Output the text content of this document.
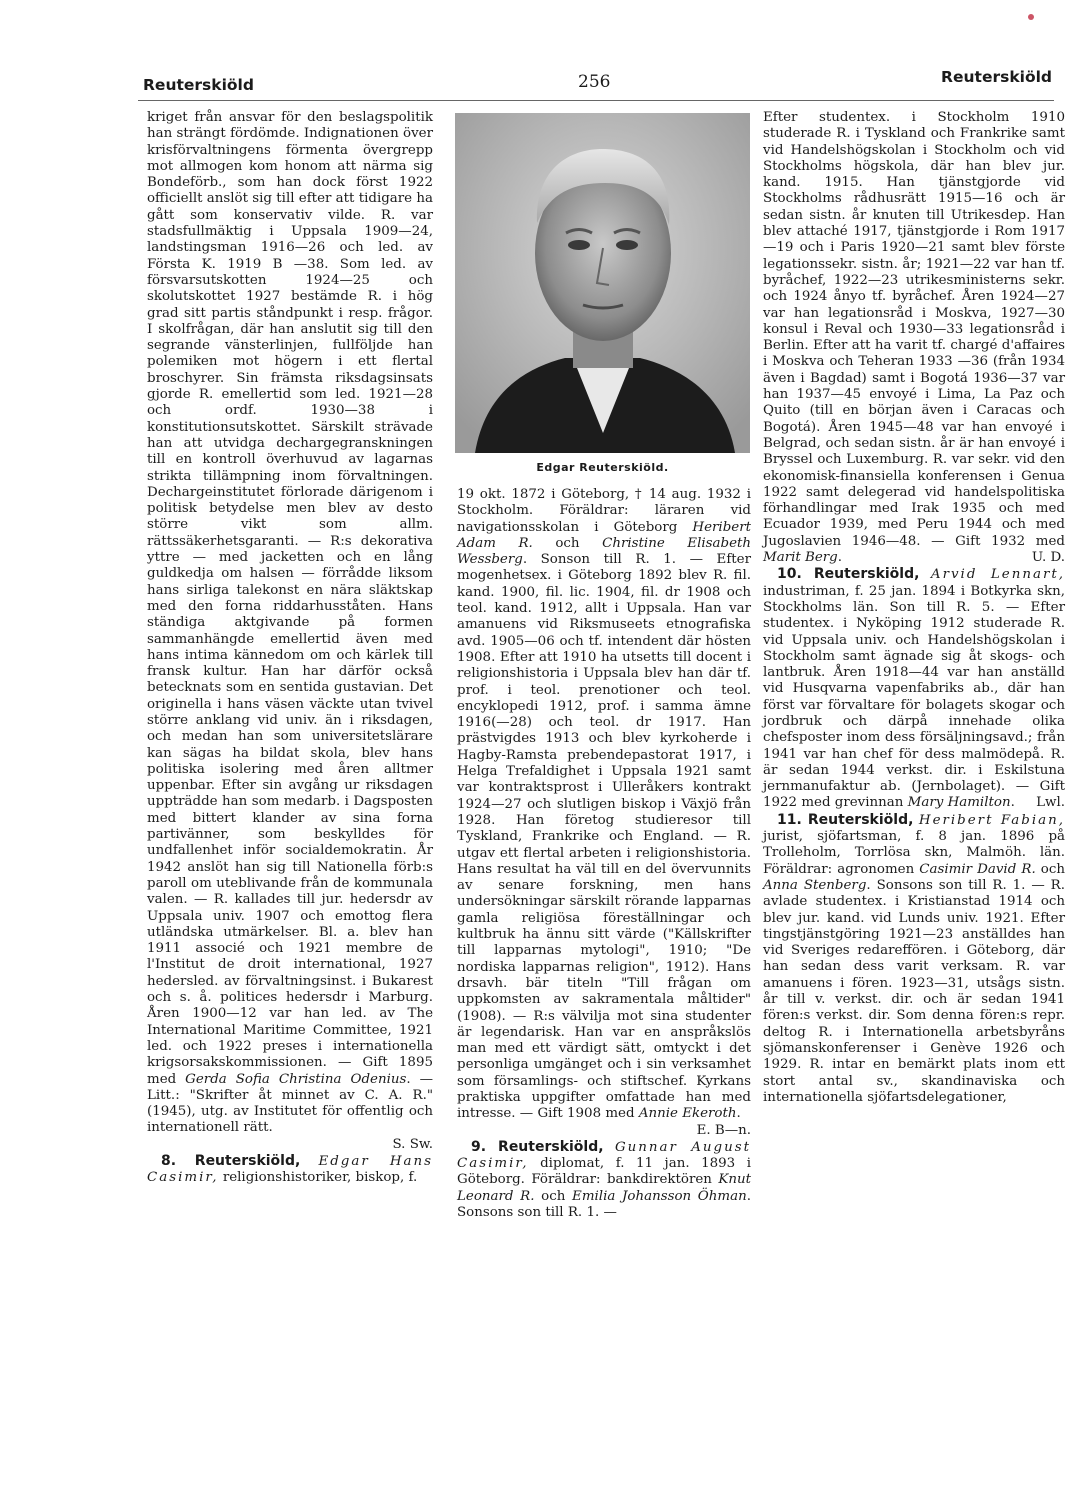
Reuterskiöld	256	Reuterskiöld

kriget från ansvar för den beslagspolitik han strängt fördömde. Indignationen över krisförvaltningens förmenta övergrepp mot allmogen kom honom att närma sig Bondeförb., som han dock först 1922 officiellt anslöt sig till efter att tidigare ha gått som konservativ vilde. R. var stadsfullmäktig i Uppsala 1909—24, landstingsman 1916—26 och led. av Första K. 1919 B —38. Som led. av försvarsutskotten 1924—25 och skolutskottet 1927 bestämde R. i hög grad sitt partis ståndpunkt i resp. frågor. I skolfrågan, där han anslutit sig till den segrande vänsterlinjen, fullföljde han polemiken mot högern i ett flertal broschyrer. Sin främsta riksdagsinsats gjorde R. emellertid som led. 1921—28 och ordf. 1930—38 i konstitutionsutskottet. Särskilt strävade han att utvidga dechargegranskningen till en kontroll överhuvud av lagarnas strikta tillämpning inom förvaltningen. Dechargeinstitutet förlorade därigenom i politisk betydelse men blev av desto större vikt som allm. rättssäkerhetsgaranti. — R:s dekorativa yttre — med jacketten och en lång guldkedja om halsen — förrådde liksom hans sirliga talekonst en nära släktskap med den forna riddarhusståten. Hans ständiga aktgivande på formen sammanhängde emellertid även med hans intima kännedom om och kärlek till fransk kultur. Han har därför också betecknats som en sentida gustavian. Det originella i hans väsen väckte utan tvivel större anklang vid univ. än i riksdagen, och medan han som universitetslärare kan sägas ha bildat skola, blev hans politiska isolering med åren alltmer uppenbar. Efter sin avgång ur riksdagen uppträdde han som medarb. i Dagsposten med bittert klander av sina forna partivänner, som beskylldes för undfallenhet inför socialdemokratin. År 1942 anslöt han sig till Nationella förb:s paroll om uteblivande från de kommunala valen. — R. kallades till jur. hedersdr av Uppsala univ. 1907 och emottog flera utländska utmärkelser. Bl. a. blev han 1911 associé och 1921 membre de l'Institut de droit international, 1927 hedersled. av förvaltningsinst. i Bukarest och s. å. politices hedersdr i Marburg. Åren 1900—12 var han led. av The International Maritime Committee, 1921 led. och 1922 preses i internationella krigsorsakskommissionen. — Gift 1895 med Gerda Sofia Christina Odenius. — Litt.: "Skrifter åt minnet av C. A. R." (1945), utg. av Institutet för offentlig och internationell rätt.
S. Sw.

8. Reuterskiöld, Edgar Hans Casimir, religionshistoriker, biskop, f.

Edgar Reuterskiöld.

19 okt. 1872 i Göteborg, † 14 aug. 1932 i Stockholm. Föräldrar: läraren vid navigationsskolan i Göteborg Heribert Adam R. och Christine Elisabeth Wessberg. Sonson till R. 1. — Efter mogenhetsex. i Göteborg 1892 blev R. fil. kand. 1900, fil. lic. 1904, fil. dr 1908 och teol. kand. 1912, allt i Uppsala. Han var amanuens vid Riksmuseets etnografiska avd. 1905—06 och tf. intendent där hösten 1908. Efter att 1910 ha utsetts till docent i religionshistoria i Uppsala blev han där tf. prof. i teol. prenotioner och teol. encyklopedi 1912, prof. i samma ämne 1916(—28) och teol. dr 1917. Han prästvigdes 1913 och blev kyrkoherde i Hagby-Ramsta prebendepastorat 1917, i Helga Trefaldighet i Uppsala 1921 samt var kontraktsprost i Ulleråkers kontrakt 1924—27 och slutligen biskop i Växjö från 1928. Han företog studieresor till Tyskland, Frankrike och England. — R. utgav ett flertal arbeten i religionshistoria. Hans resultat ha väl till en del övervunnits av senare forskning, men hans undersökningar särskilt rörande lapparnas gamla religiösa föreställningar och kultbruk ha ännu sitt värde ("Källskrifter till lapparnas mytologi", 1910; "De nordiska lapparnas religion", 1912). Hans drsavh. bär titeln "Till frågan om uppkomsten av sakramentala måltider" (1908). — R:s välvilja mot sina studenter är legendarisk. Han var en anspråkslös man med ett värdigt sätt, omtyckt i det personliga umgänget och i sin verksamhet som församlings- och stiftschef. Kyrkans praktiska uppgifter omfattade han med intresse. — Gift 1908 med Annie Ekeroth.
E. B—n.

9. Reuterskiöld, Gunnar August Casimir, diplomat, f. 11 jan. 1893 i Göteborg. Föräldrar: bankdirektören Knut Leonard R. och Emilia Johansson Öhman. Sonsons son till R. 1. —

Efter studentex. i Stockholm 1910 studerade R. i Tyskland och Frankrike samt vid Handelshögskolan i Stockholm och vid Stockholms högskola, där han blev jur. kand. 1915. Han tjänstgjorde vid Stockholms rådhusrätt 1915—16 och är sedan sistn. år knuten till Utrikesdep. Han blev attaché 1917, tjänstgjorde i Rom 1917 —19 och i Paris 1920—21 samt blev förste legationssekr. sistn. år; 1921—22 var han tf. byråchef, 1922—23 utrikesministerns sekr. och 1924 ånyo tf. byråchef. Åren 1924—27 var han legationsråd i Moskva, 1927—30 konsul i Reval och 1930—33 legationsråd i Berlin. Efter att ha varit tf. chargé d'affaires i Moskva och Teheran 1933 —36 (från 1934 även i Bagdad) samt i Bogotá 1936—37 var han 1937—45 envoyé i Lima, La Paz och Quito (till en början även i Caracas och Bogotá). Åren 1945—48 var han envoyé i Belgrad, och sedan sistn. år är han envoyé i Bryssel och Luxemburg. R. var sekr. vid den ekonomisk-finansiella konferensen i Genua 1922 samt delegerad vid handelspolitiska förhandlingar med Irak 1935 och med Ecuador 1939, med Peru 1944 och med Jugoslavien 1946—48. — Gift 1932 med Marit Berg.	U. D.

10. Reuterskiöld, Arvid Lennart, industriman, f. 25 jan. 1894 i Botkyrka skn, Stockholms län. Son till R. 5. — Efter studentex. i Nyköping 1912 studerade R. vid Uppsala univ. och Handelshögskolan i Stockholm samt ägnade sig åt skogs- och lantbruk. Åren 1918—44 var han anställd vid Husqvarna vapenfabriks ab., där han först var förvaltare för bolagets skogar och jordbruk och därpå innehade olika chefsposter inom dess försäljningsavd.; från 1941 var han chef för dess malmödepå. R. är sedan 1944 verkst. dir. i Eskilstuna jernmanufaktur ab. (Jernbolaget). — Gift 1922 med grevinnan Mary Hamilton.	Lwl.

11. Reuterskiöld, Heribert Fabian, jurist, sjöfartsman, f. 8 jan. 1896 på Trolleholm, Torrlösa skn, Malmöh. län. Föräldrar: agronomen Casimir David R. och Anna Stenberg. Sonsons son till R. 1. — R. avlade studentex. i Kristianstad 1914 och blev jur. kand. vid Lunds univ. 1921. Efter tingstjänstgöring 1921—23 anställdes han vid Sveriges redareffören. i Göteborg, där han sedan dess varit verksam. R. var amanuens i fören. 1923—31, utsågs sistn. år till v. verkst. dir. och är sedan 1941 fören:s verkst. dir. Som denna fören:s repr. deltog R. i Internationella arbetsbyråns sjömanskonferenser i Genève 1926 och 1929. R. intar en bemärkt plats inom ett stort antal sv., skandinaviska och internationella sjöfartsdelegationer,
